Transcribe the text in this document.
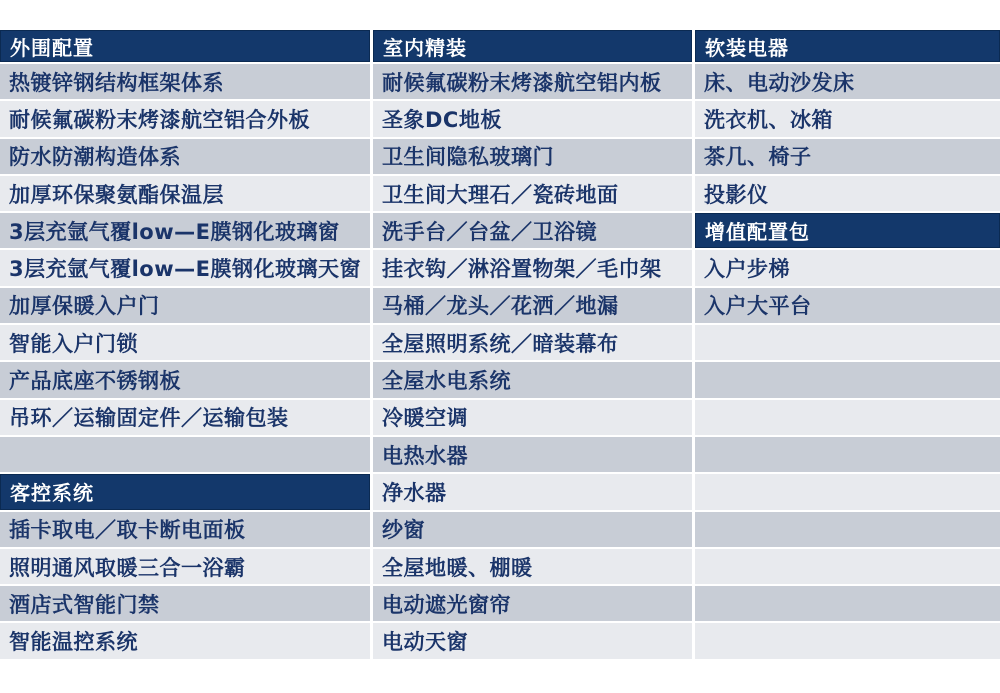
外围配置
热镀锌钢结构框架体系
耐候氟碳粉末烤漆航空铝合外板
防水防潮构造体系
加厚环保聚氨酯保温层
3层充氩气覆low—E膜钢化玻璃窗
3层充氩气覆low—E膜钢化玻璃天窗
加厚保暖入户门
智能入户门锁
产品底座不锈钢板
吊环／运输固定件／运输包装
客控系统
插卡取电／取卡断电面板
照明通风取暖三合一浴霸
酒店式智能门禁
智能温控系统
室内精装
耐候氟碳粉末烤漆航空铝内板
圣象DC地板
卫生间隐私玻璃门
卫生间大理石／瓷砖地面
洗手台／台盆／卫浴镜
挂衣钩／淋浴置物架／毛巾架
马桶／龙头／花洒／地漏
全屋照明系统／暗装幕布
全屋水电系统
冷暖空调
电热水器
净水器
纱窗
全屋地暖、棚暖
电动遮光窗帘
电动天窗
软装电器
床、电动沙发床
洗衣机、冰箱
茶几、椅子
投影仪
增值配置包
入户步梯
入户大平台
